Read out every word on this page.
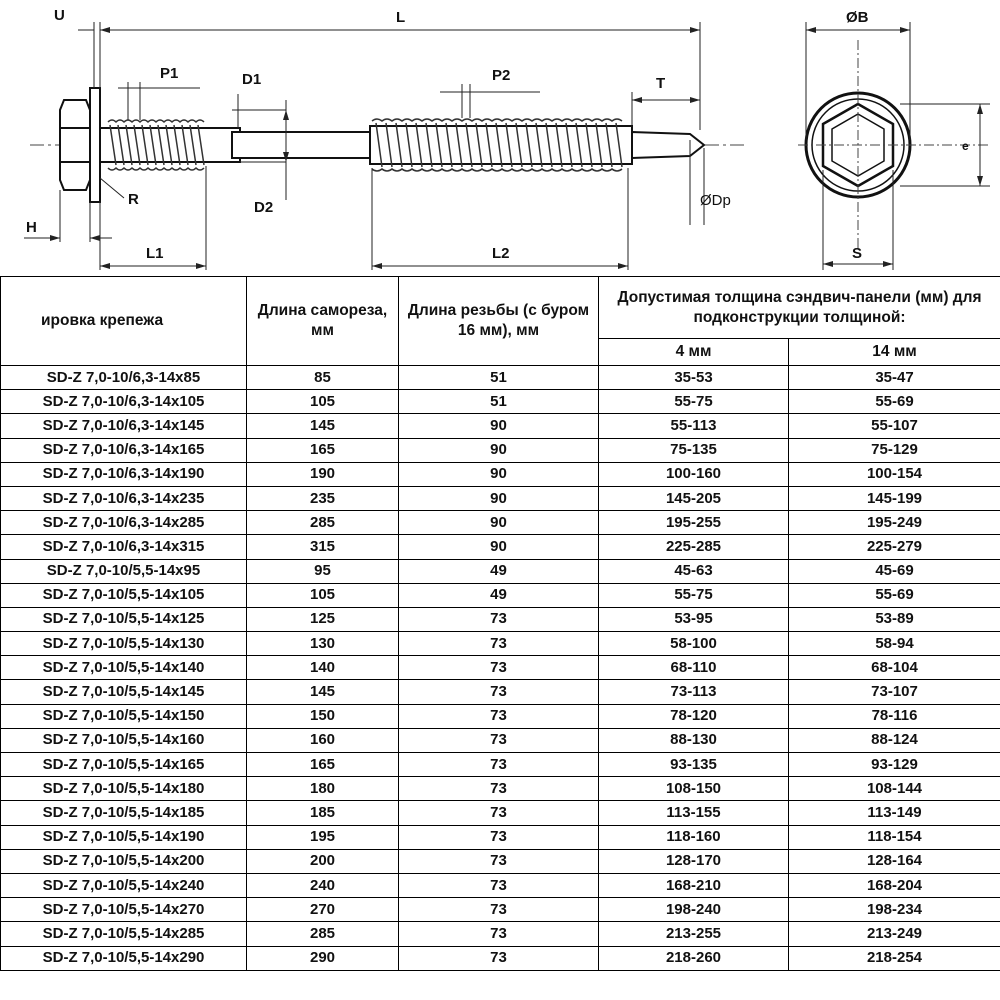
U	L	ØB
P1	D1	P2	T
R	D2	ØDp
H
L1	L2	S
e
ировка крепежа	Длина самореза, мм	Длина резьбы (с буром 16 мм), мм	Допустимая толщина сэндвич-панели (мм) для подконструкции толщиной:	
			4 мм	14 мм
SD-Z 7,0-10/6,3-14x85	85	51	35-53	35-47
SD-Z 7,0-10/6,3-14x105	105	51	55-75	55-69
SD-Z 7,0-10/6,3-14x145	145	90	55-113	55-107
SD-Z 7,0-10/6,3-14x165	165	90	75-135	75-129
SD-Z 7,0-10/6,3-14x190	190	90	100-160	100-154
SD-Z 7,0-10/6,3-14x235	235	90	145-205	145-199
SD-Z 7,0-10/6,3-14x285	285	90	195-255	195-249
SD-Z 7,0-10/6,3-14x315	315	90	225-285	225-279
SD-Z 7,0-10/5,5-14x95	95	49	45-63	45-69
SD-Z 7,0-10/5,5-14x105	105	49	55-75	55-69
SD-Z 7,0-10/5,5-14x125	125	73	53-95	53-89
SD-Z 7,0-10/5,5-14x130	130	73	58-100	58-94
SD-Z 7,0-10/5,5-14x140	140	73	68-110	68-104
SD-Z 7,0-10/5,5-14x145	145	73	73-113	73-107
SD-Z 7,0-10/5,5-14x150	150	73	78-120	78-116
SD-Z 7,0-10/5,5-14x160	160	73	88-130	88-124
SD-Z 7,0-10/5,5-14x165	165	73	93-135	93-129
SD-Z 7,0-10/5,5-14x180	180	73	108-150	108-144
SD-Z 7,0-10/5,5-14x185	185	73	113-155	113-149
SD-Z 7,0-10/5,5-14x190	195	73	118-160	118-154
SD-Z 7,0-10/5,5-14x200	200	73	128-170	128-164
SD-Z 7,0-10/5,5-14x240	240	73	168-210	168-204
SD-Z 7,0-10/5,5-14x270	270	73	198-240	198-234
SD-Z 7,0-10/5,5-14x285	285	73	213-255	213-249
SD-Z 7,0-10/5,5-14x290	290	73	218-260	218-254
